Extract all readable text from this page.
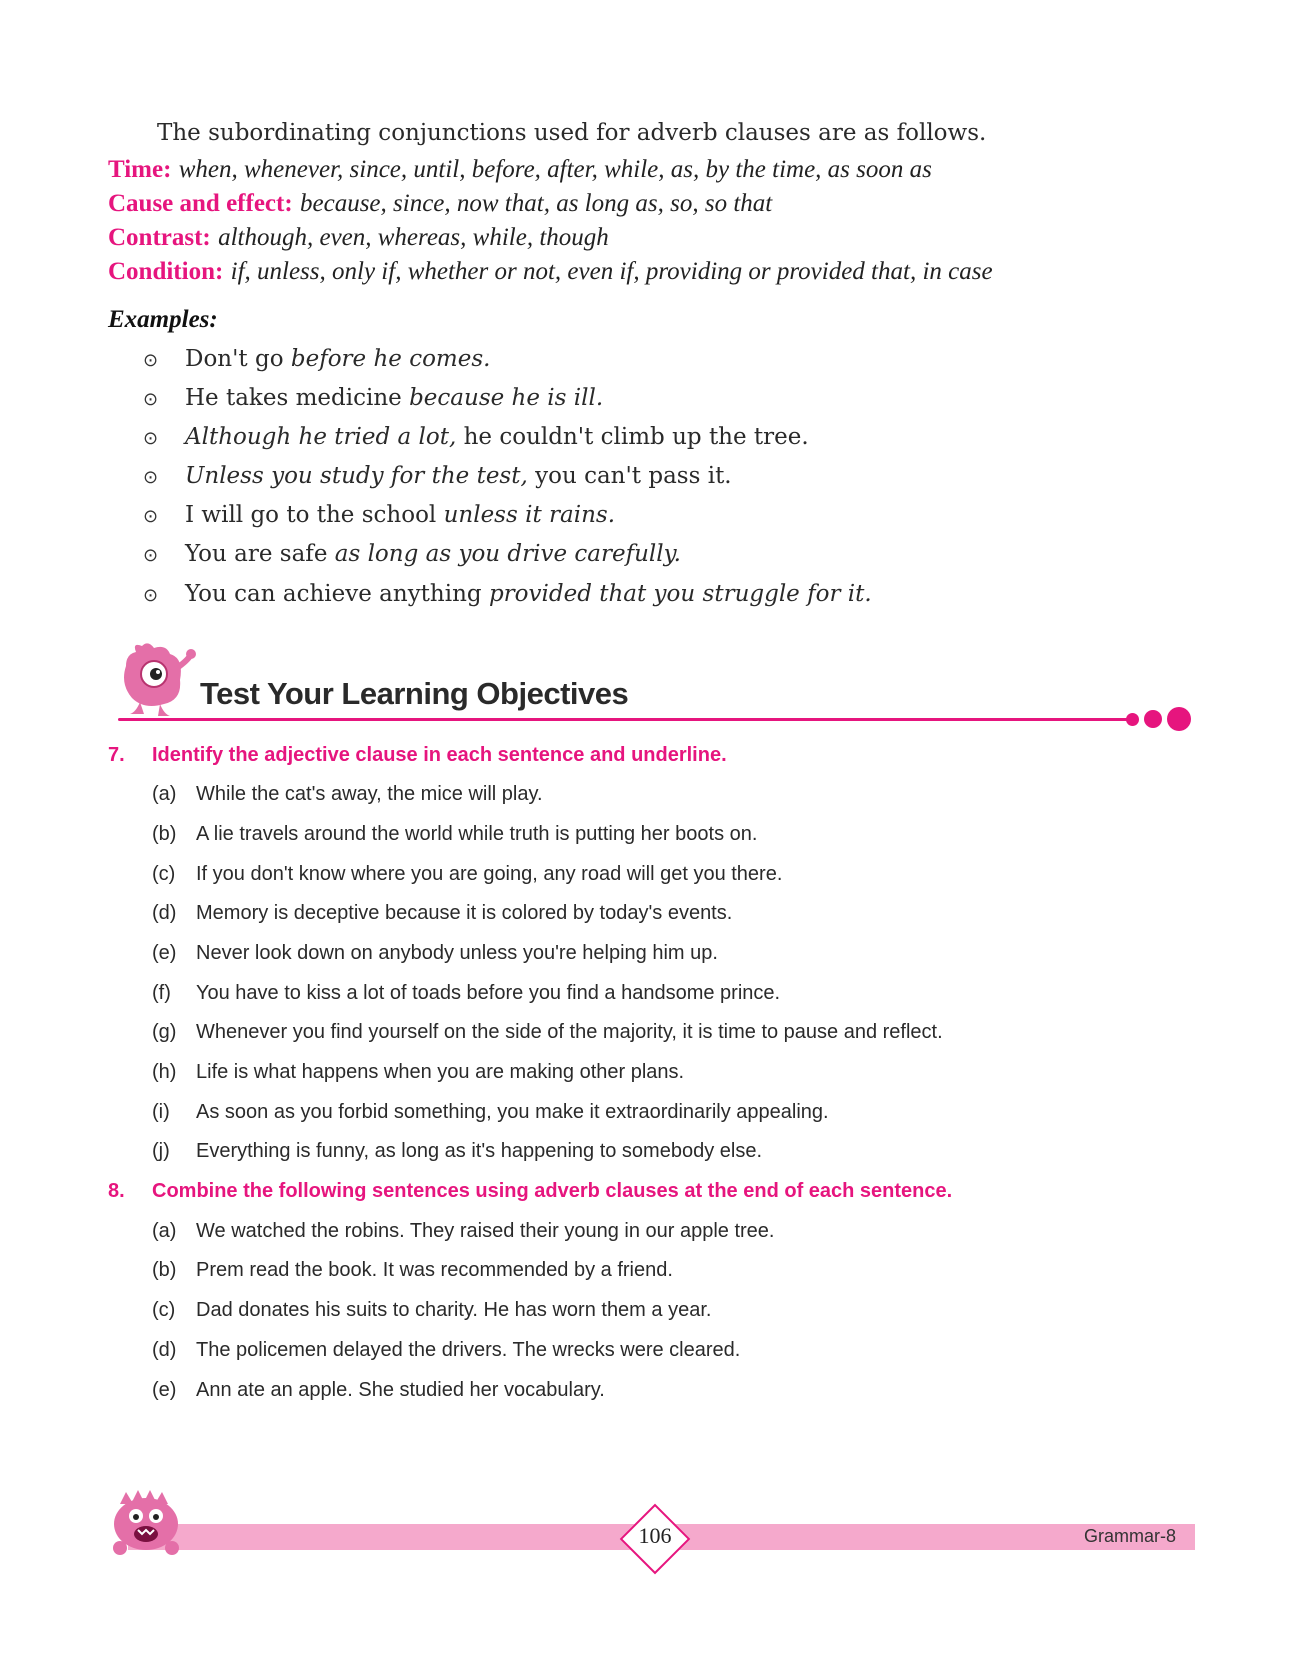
The subordinating conjunctions used for adverb clauses are as follows.
Time: when, whenever, since, until, before, after, while, as, by the time, as soon as
Cause and effect: because, since, now that, as long as, so, so that
Contrast: although, even, whereas, while, though
Condition: if, unless, only if, whether or not, even if, providing or provided that, in case
Examples:
⊙ Don't go before he comes.
⊙ He takes medicine because he is ill.
⊙ Although he tried a lot, he couldn't climb up the tree.
⊙ Unless you study for the test, you can't pass it.
⊙ I will go to the school unless it rains.
⊙ You are safe as long as you drive carefully.
⊙ You can achieve anything provided that you struggle for it.
Test Your Learning Objectives
7. Identify the adjective clause in each sentence and underline.
(a) While the cat's away, the mice will play.
(b) A lie travels around the world while truth is putting her boots on.
(c) If you don't know where you are going, any road will get you there.
(d) Memory is deceptive because it is colored by today's events.
(e) Never look down on anybody unless you're helping him up.
(f) You have to kiss a lot of toads before you find a handsome prince.
(g) Whenever you find yourself on the side of the majority, it is time to pause and reflect.
(h) Life is what happens when you are making other plans.
(i) As soon as you forbid something, you make it extraordinarily appealing.
(j) Everything is funny, as long as it's happening to somebody else.
8. Combine the following sentences using adverb clauses at the end of each sentence.
(a) We watched the robins. They raised their young in our apple tree.
(b) Prem read the book. It was recommended by a friend.
(c) Dad donates his suits to charity. He has worn them a year.
(d) The policemen delayed the drivers. The wrecks were cleared.
(e) Ann ate an apple. She studied her vocabulary.
106	Grammar-8
